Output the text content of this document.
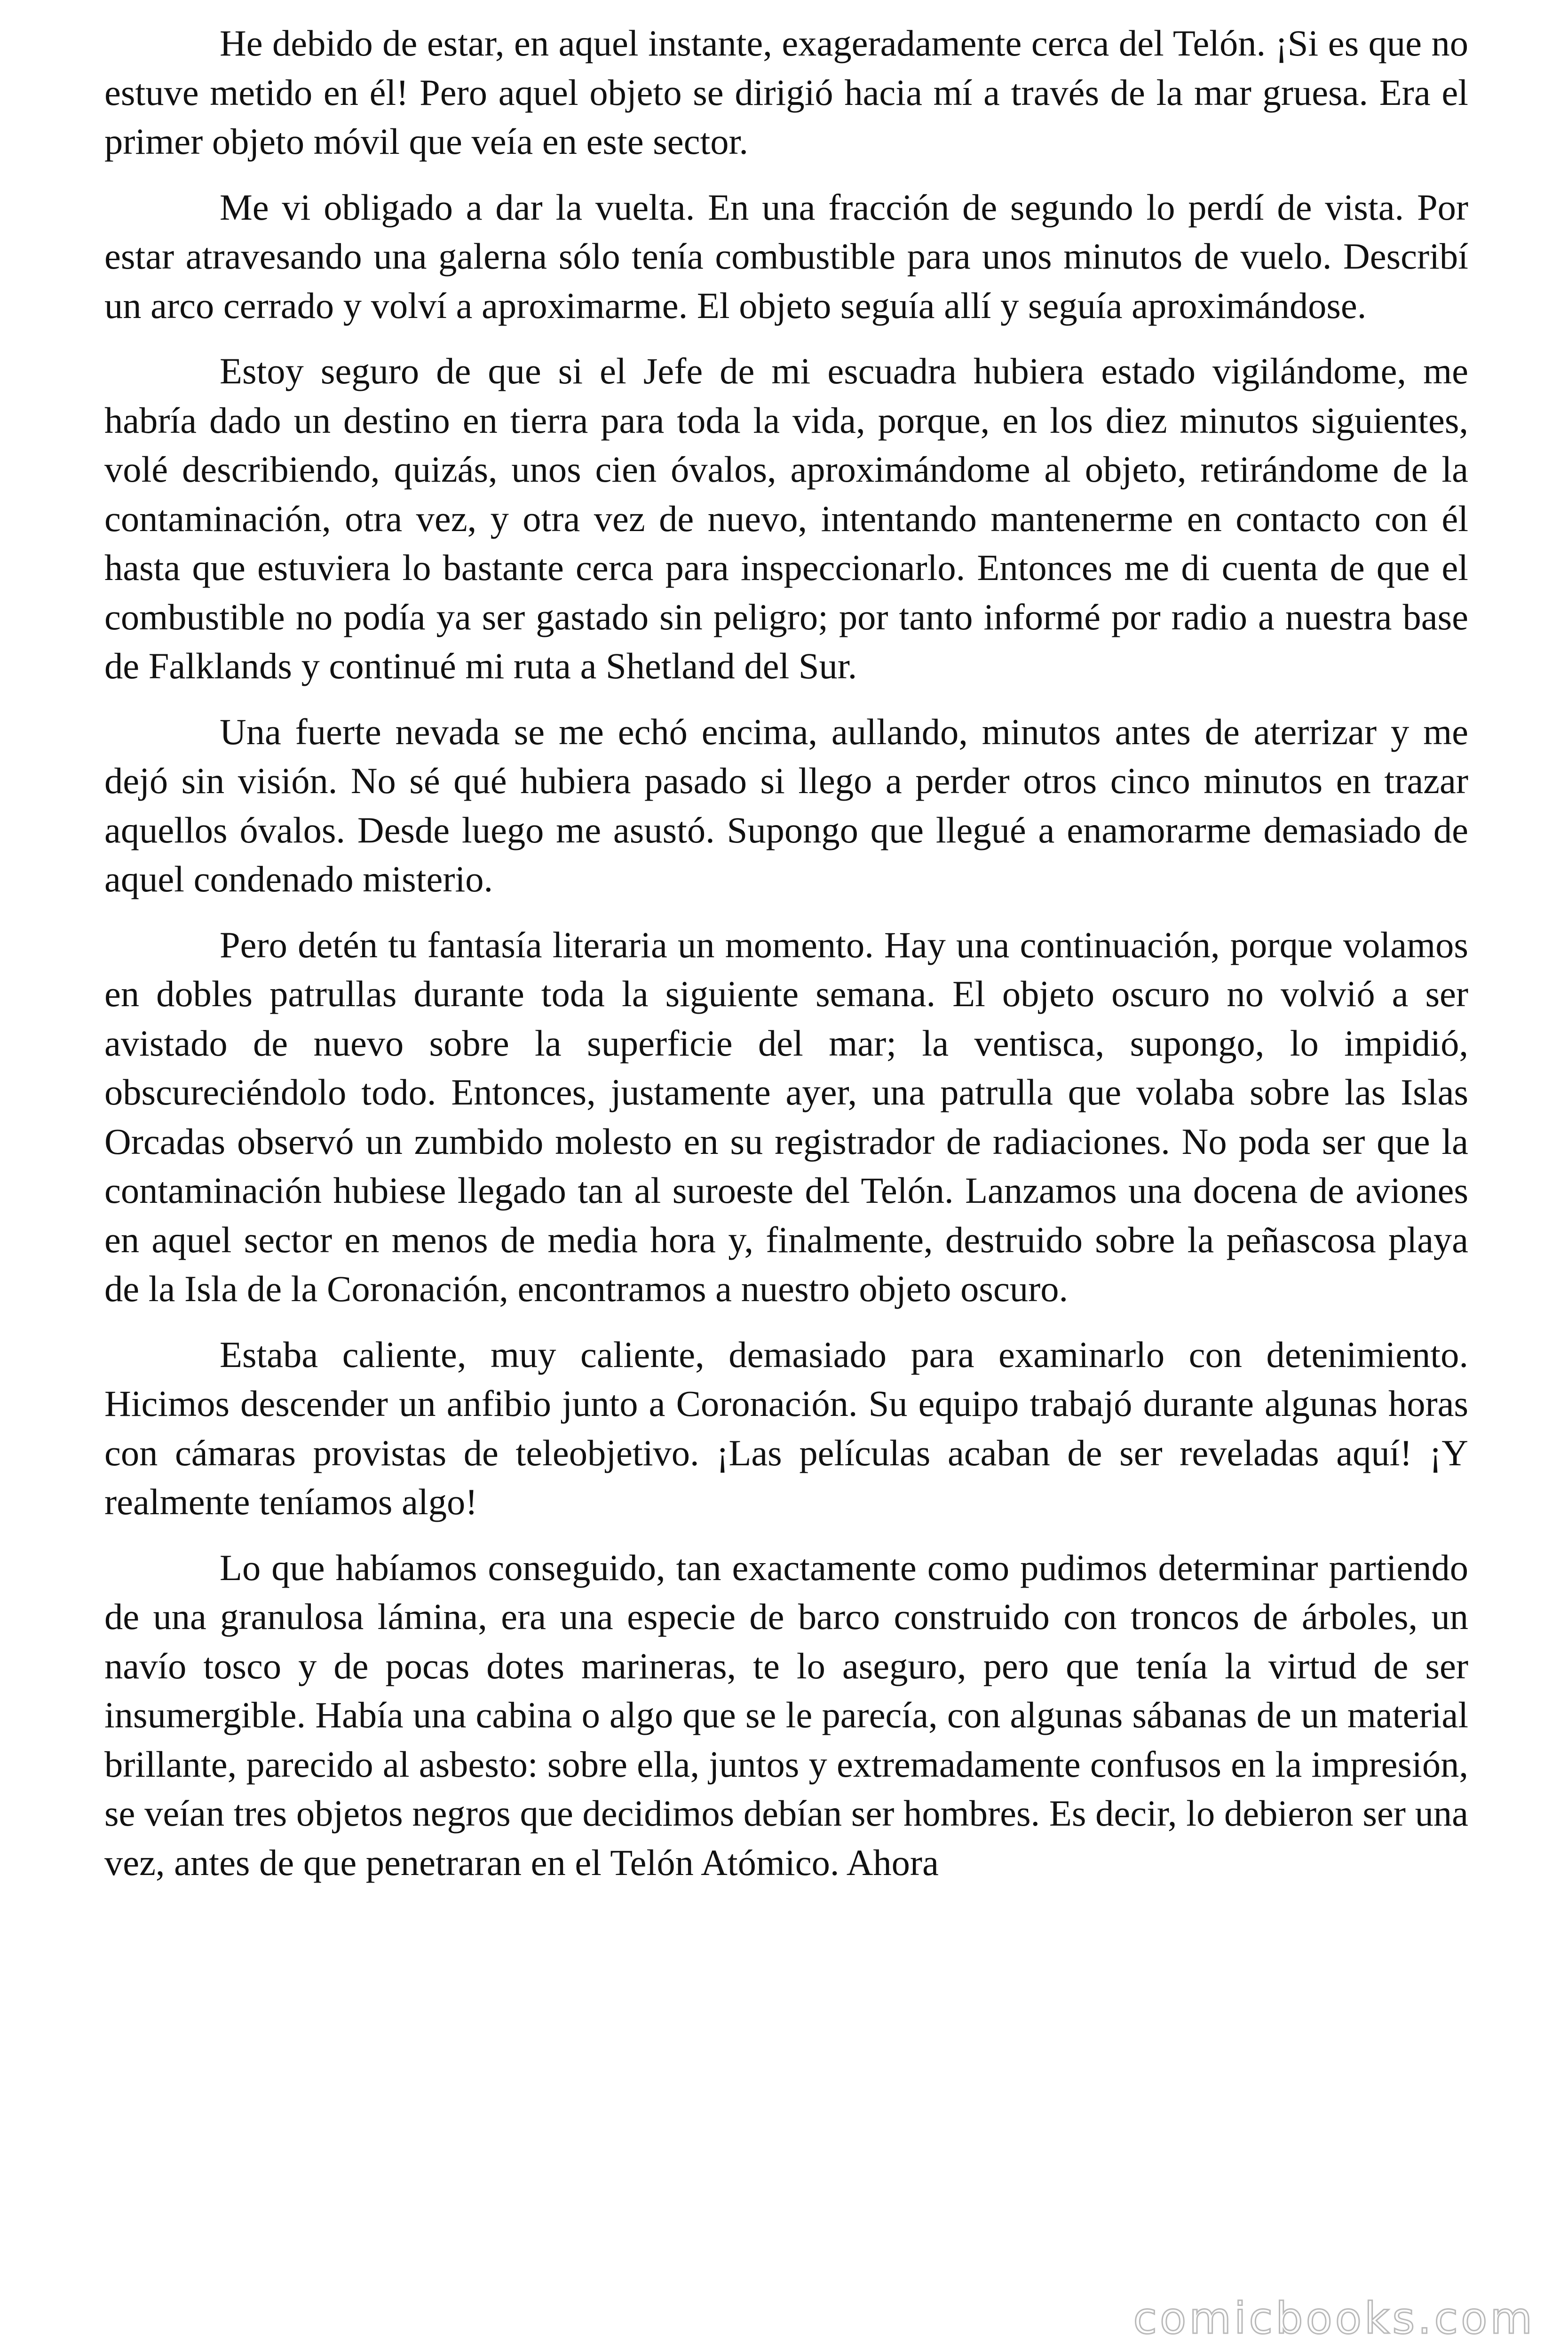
He debido de estar, en aquel instante, exageradamente cerca del Telón. ¡Si es que no estuve metido en él! Pero aquel objeto se dirigió hacia mí a través de la mar gruesa. Era el primer objeto móvil que veía en este sector.

Me vi obligado a dar la vuelta. En una fracción de segundo lo perdí de vista. Por estar atravesando una galerna sólo tenía combustible para unos minutos de vuelo. Describí un arco cerrado y volví a aproximarme. El objeto seguía allí y seguía aproximándose.

Estoy seguro de que si el Jefe de mi escuadra hubiera estado vigilándome, me habría dado un destino en tierra para toda la vida, porque, en los diez minutos siguientes, volé describiendo, quizás, unos cien óvalos, aproximándome al objeto, retirándome de la contaminación, otra vez, y otra vez de nuevo, intentando mantenerme en contacto con él hasta que estuviera lo bastante cerca para inspeccionarlo. Entonces me di cuenta de que el combustible no podía ya ser gastado sin peligro; por tanto informé por radio a nuestra base de Falklands y continué mi ruta a Shetland del Sur.

Una fuerte nevada se me echó encima, aullando, minutos antes de aterrizar y me dejó sin visión. No sé qué hubiera pasado si llego a perder otros cinco minutos en trazar aquellos óvalos. Desde luego me asustó. Supongo que llegué a enamorarme demasiado de aquel condenado misterio.

Pero detén tu fantasía literaria un momento. Hay una continuación, porque volamos en dobles patrullas durante toda la siguiente semana. El objeto oscuro no volvió a ser avistado de nuevo sobre la superficie del mar; la ventisca, supongo, lo impidió, obscureciéndolo todo. Entonces, justamente ayer, una patrulla que volaba sobre las Islas Orcadas observó un zumbido molesto en su registrador de radiaciones. No poda ser que la contaminación hubiese llegado tan al suroeste del Telón. Lanzamos una docena de aviones en aquel sector en menos de media hora y, finalmente, destruido sobre la peñascosa playa de la Isla de la Coronación, encontramos a nuestro objeto oscuro.

Estaba caliente, muy caliente, demasiado para examinarlo con detenimiento. Hicimos descender un anfibio junto a Coronación. Su equipo trabajó durante algunas horas con cámaras provistas de teleobjetivo. ¡Las películas acaban de ser reveladas aquí! ¡Y realmente teníamos algo!

Lo que habíamos conseguido, tan exactamente como pudimos determinar partiendo de una granulosa lámina, era una especie de barco construido con troncos de árboles, un navío tosco y de pocas dotes marineras, te lo aseguro, pero que tenía la virtud de ser insumergible. Había una cabina o algo que se le parecía, con algunas sábanas de un material brillante, parecido al asbesto: sobre ella, juntos y extremadamente confusos en la impresión, se veían tres objetos negros que decidimos debían ser hombres. Es decir, lo debieron ser una vez, antes de que penetraran en el Telón Atómico. Ahora

comicbooks.com
